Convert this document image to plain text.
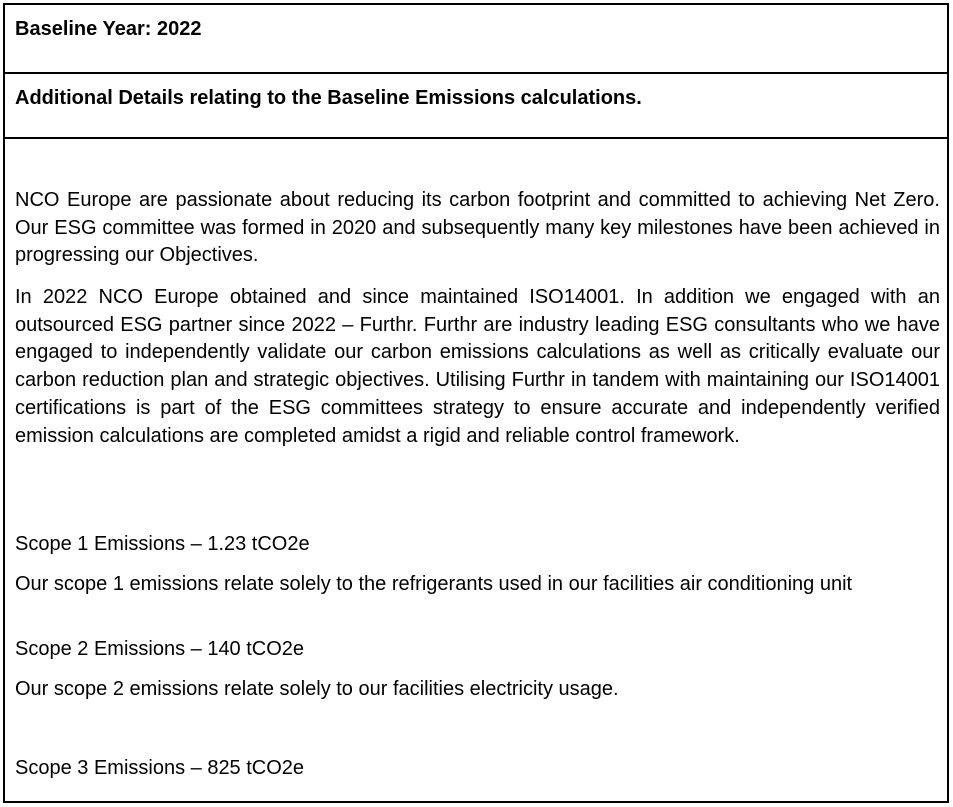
Baseline Year: 2022
Additional Details relating to the Baseline Emissions calculations.

NCO Europe are passionate about reducing its carbon footprint and committed to achieving Net Zero. Our ESG committee was formed in 2020 and subsequently many key milestones have been achieved in progressing our Objectives.

In 2022 NCO Europe obtained and since maintained ISO14001. In addition we engaged with an outsourced ESG partner since 2022 – Furthr. Furthr are industry leading ESG consultants who we have engaged to independently validate our carbon emissions calculations as well as critically evaluate our carbon reduction plan and strategic objectives. Utilising Furthr in tandem with maintaining our ISO14001 certifications is part of the ESG committees strategy to ensure accurate and independently verified emission calculations are completed amidst a rigid and reliable control framework.

Scope 1 Emissions – 1.23 tCO2e

Our scope 1 emissions relate solely to the refrigerants used in our facilities air conditioning unit

Scope 2 Emissions – 140 tCO2e

Our scope 2 emissions relate solely to our facilities electricity usage.

Scope 3 Emissions – 825 tCO2e
